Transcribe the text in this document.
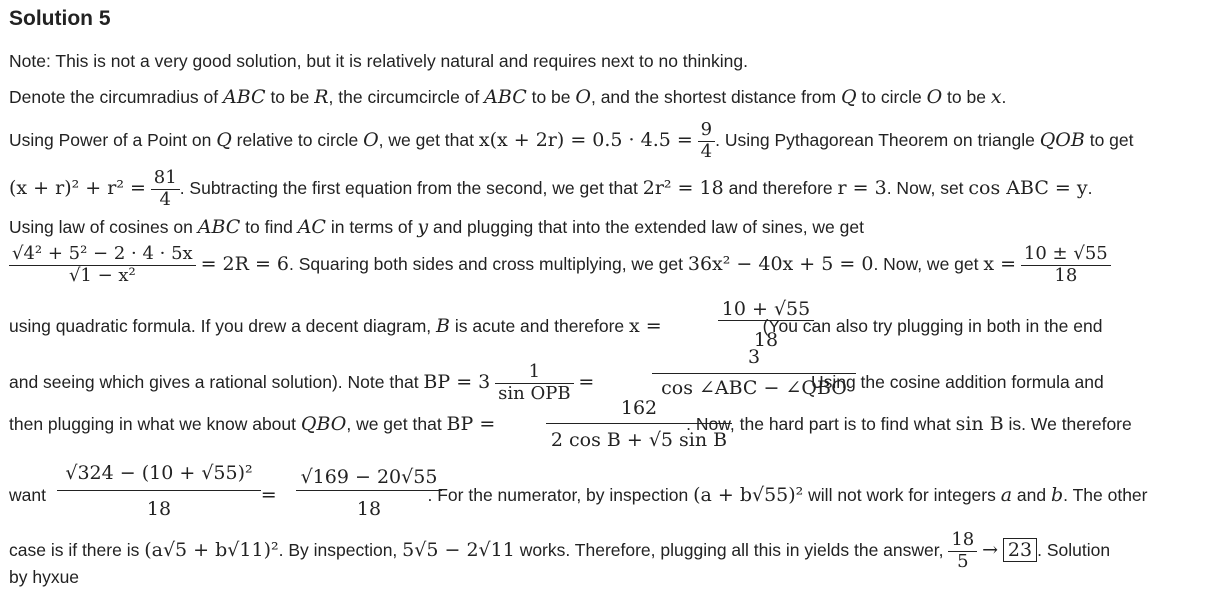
Solution 5
Note: This is not a very good solution, but it is relatively natural and requires next to no thinking.
Denote the circumradius of ABC to be R, the circumcircle of ABC to be O, and the shortest distance from Q to circle O to be x.
Using Power of a Point on Q relative to circle O, we get that $x(x + 2r) = 0.5 \cdot 4.5 = \frac{9}{4}$ . Using Pythagorean Theorem on triangle QOB to get
$(x + r)^2 + r^2 = \frac{81}{4}$ . Subtracting the first equation from the second, we get that 2r² = 18 and therefore r = 3. Now, set cos ABC = y.
Using law of cosines on ABC to find AC in terms of y and plugging that into the extended law of sines, we get
$\frac{\text{√4² + 5² − 2 · 4 · 5x}}{\text{√1 − x²}} = 2R = 6$. Squaring both sides and cross multiplying, we get 36x² − 40x + 5 = 0. Now, we get $x = \frac{10 \pm √55}{18}$
using quadratic formula. If you drew a decent diagram, B is acute and therefore x =	(You can also try plugging in both in the end
10 + √55
18
and seeing which gives a rational solution). Note that BP = 3	1
sin OPB
=	. Using the cosine addition formula and
3
cos ∠ABC − ∠QBO
then plugging in what we know about QBO, we get that BP =	. Now, the hard part is to find what sin B is. We therefore
162
2 cos B + √5 sin B
want	=	. For the numerator, by inspection (a + b√55)² will not work for integers a and b. The other
√324 − (10 + √55)²
18
√169 − 20√55
18
case is if there is (a√5 + b√11)². By inspection, 5√5 − 2√11 works. Therefore, plugging all this in yields the answer, $\frac{18}{5} \to 23$ . Solution
by hyxue
